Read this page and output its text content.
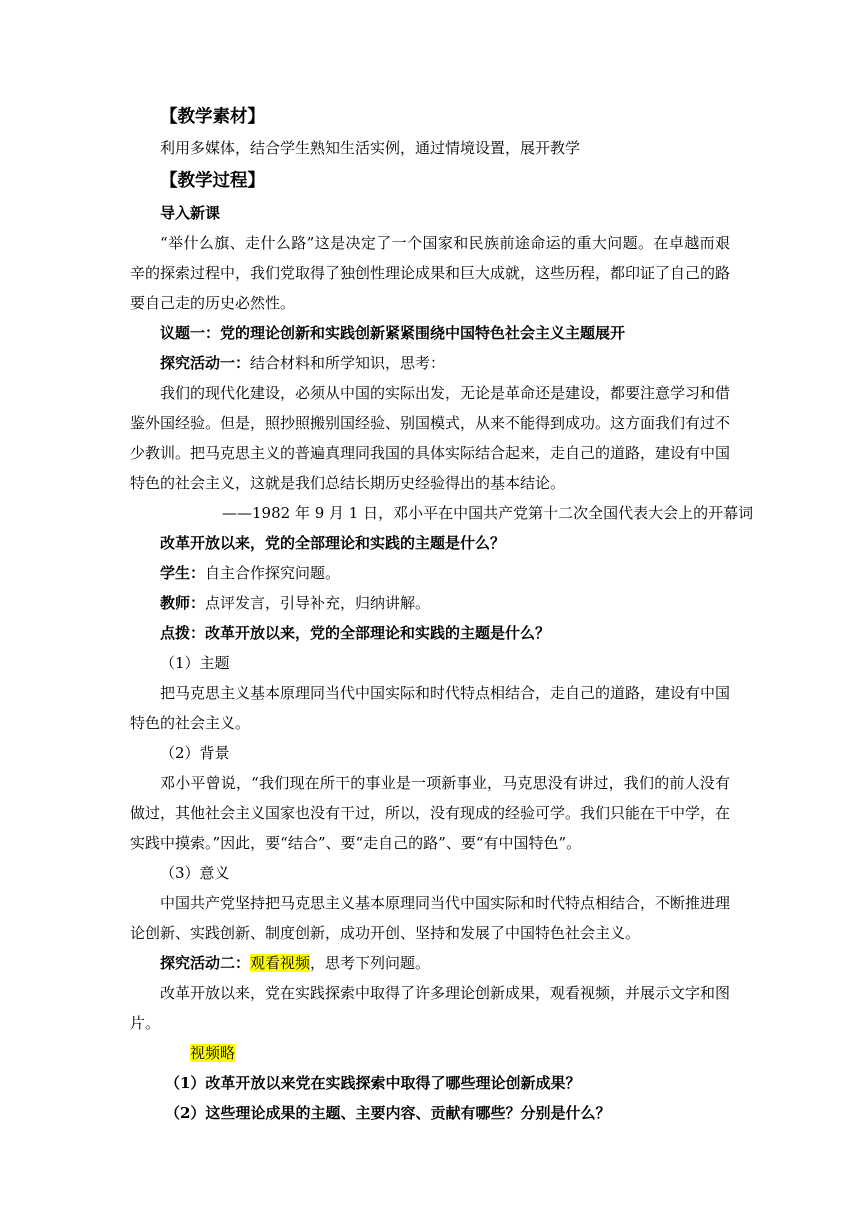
【教学素材】
利用多媒体，结合学生熟知生活实例，通过情境设置，展开教学
【教学过程】
导入新课
“举什么旗、走什么路”这是决定了一个国家和民族前途命运的重大问题。在卓越而艰
辛的探索过程中，我们党取得了独创性理论成果和巨大成就，这些历程，都印证了自己的路
要自己走的历史必然性。
议题一：党的理论创新和实践创新紧紧围绕中国特色社会主义主题展开
探究活动一：结合材料和所学知识，思考：
我们的现代化建设，必须从中国的实际出发，无论是革命还是建设，都要注意学习和借
鉴外国经验。但是，照抄照搬别国经验、别国模式，从来不能得到成功。这方面我们有过不
少教训。把马克思主义的普遍真理同我国的具体实际结合起来，走自己的道路，建设有中国
特色的社会主义，这就是我们总结长期历史经验得出的基本结论。
——1982 年 9 月 1 日，邓小平在中国共产党第十二次全国代表大会上的开幕词
改革开放以来，党的全部理论和实践的主题是什么？
学生：自主合作探究问题。
教师：点评发言，引导补充，归纳讲解。
点拨：改革开放以来，党的全部理论和实践的主题是什么？
（1）主题
把马克思主义基本原理同当代中国实际和时代特点相结合，走自己的道路，建设有中国
特色的社会主义。
（2）背景
邓小平曾说，“我们现在所干的事业是一项新事业，马克思没有讲过，我们的前人没有
做过，其他社会主义国家也没有干过，所以，没有现成的经验可学。我们只能在干中学，在
实践中摸索。”因此，要“结合”、要“走自己的路”、要“有中国特色”。
（3）意义
中国共产党坚持把马克思主义基本原理同当代中国实际和时代特点相结合，不断推进理
论创新、实践创新、制度创新，成功开创、坚持和发展了中国特色社会主义。
探究活动二：观看视频，思考下列问题。
改革开放以来，党在实践探索中取得了许多理论创新成果，观看视频，并展示文字和图
片。
视频略
（1）改革开放以来党在实践探索中取得了哪些理论创新成果？
（2）这些理论成果的主题、主要内容、贡献有哪些？分别是什么？
